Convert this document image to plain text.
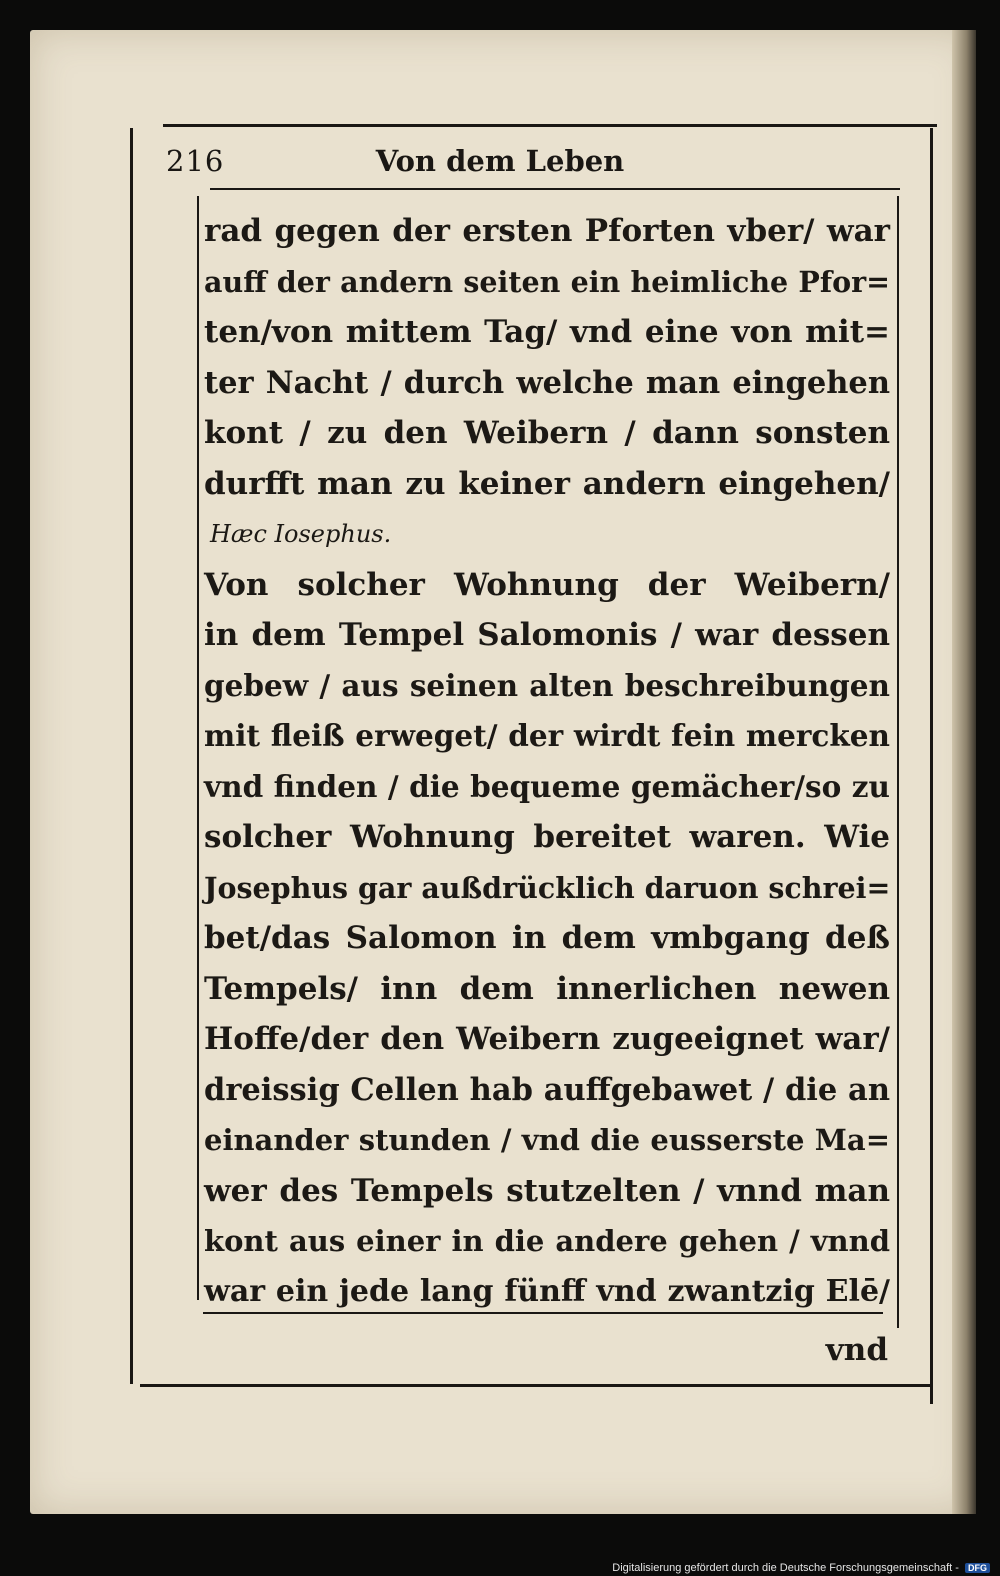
216	Von dem Leben
rad gegen der ersten Pforten vber/ war
auff der andern seiten ein heimliche Pfor=
ten/von mittem Tag/ vnd eine von mit=
ter Nacht / durch welche man eingehen
kont / zu den Weibern / dann sonsten
durfft man zu keiner andern eingehen/
Hæc Iosephus.
Von solcher Wohnung der Weibern/
in dem Tempel Salomonis / war dessen
gebew / aus seinen alten beschreibungen
mit fleiß erweget/ der wirdt fein mercken
vnd finden / die bequeme gemächer/so zu
solcher Wohnung bereitet waren. Wie
Josephus gar außdrücklich daruon schrei=
bet/das Salomon in dem vmbgang deß
Tempels/ inn dem innerlichen newen
Hoffe/der den Weibern zugeeignet war/
dreissig Cellen hab auffgebawet / die an
einander stunden / vnd die eusserste Ma=
wer des Tempels stutzelten / vnnd man
kont aus einer in die andere gehen / vnnd
war ein jede lang fünff vnd zwantzig Elē/
vnd
Digitalisierung gefördert durch die Deutsche Forschungsgemeinschaft - DFG
